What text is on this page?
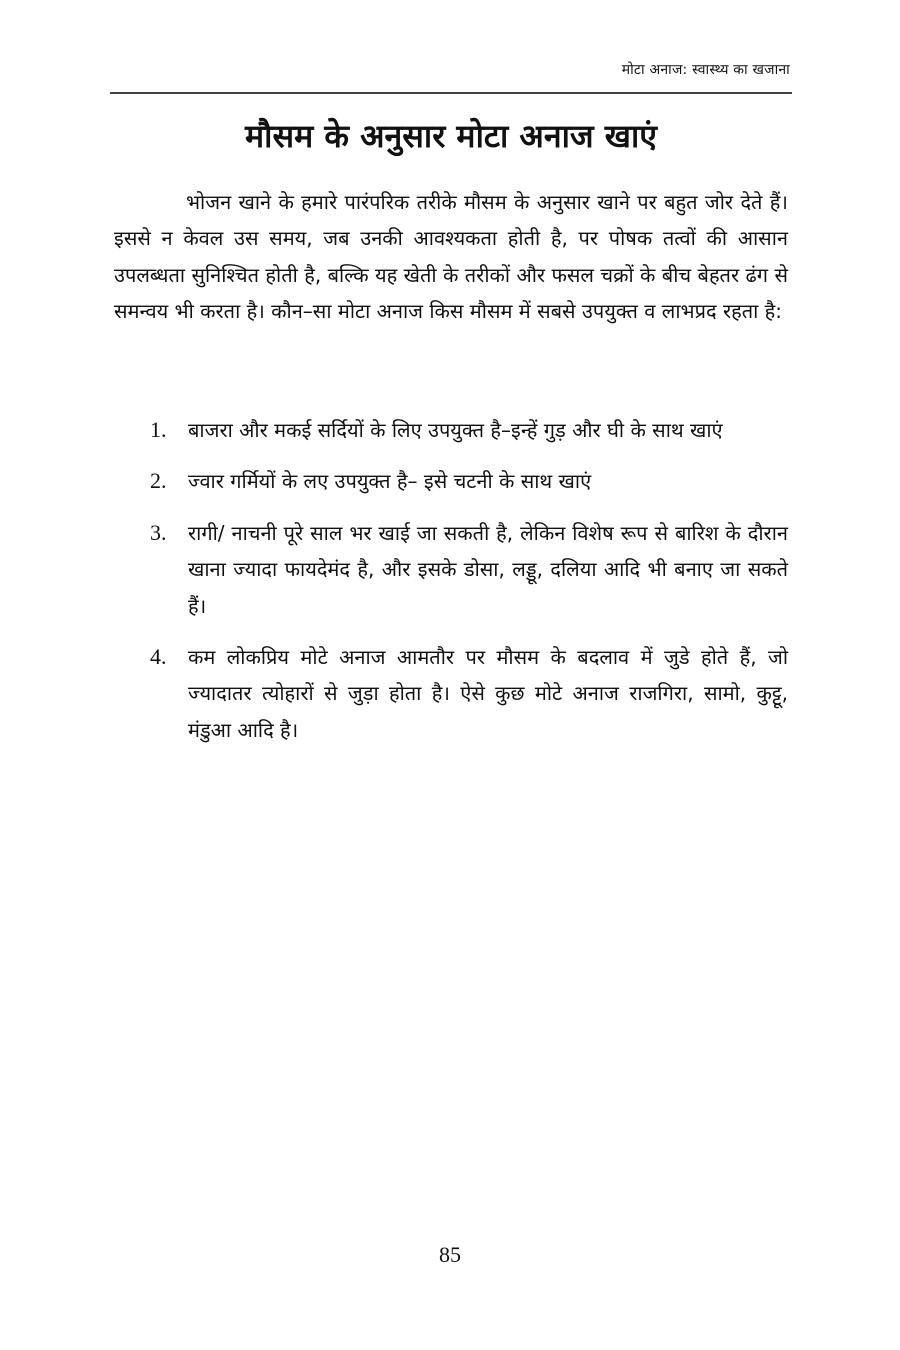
मोटा अनाज: स्वास्थ्य का खजाना
मौसम के अनुसार मोटा अनाज खाएं

भोजन खाने के हमारे पारंपरिक तरीके मौसम के अनुसार खाने पर बहुत जोर देते हैं। इससे न केवल उस समय, जब उनकी आवश्यकता होती है, पर पोषक तत्वों की आसान उपलब्धता सुनिश्चित होती है, बल्कि यह खेती के तरीकों और फसल चक्रों के बीच बेहतर ढंग से समन्वय भी करता है। कौन–सा मोटा अनाज किस मौसम में सबसे उपयुक्त व लाभप्रद रहता है:

1. बाजरा और मकई सर्दियों के लिए उपयुक्त है–इन्हें गुड़ और घी के साथ खाएं
2. ज्वार गर्मियों के लए उपयुक्त है– इसे चटनी के साथ खाएं
3. रागी/ नाचनी पूरे साल भर खाई जा सकती है, लेकिन विशेष रूप से बारिश के दौरान खाना ज्यादा फायदेमंद है, और इसके डोसा, लड्डू, दलिया आदि भी बनाए जा सकते हैं।
4. कम लोकप्रिय मोटे अनाज आमतौर पर मौसम के बदलाव में जुडे होते हैं, जो ज्यादातर त्योहारों से जुड़ा होता है। ऐसे कुछ मोटे अनाज राजगिरा, सामो, कुट्टू, मंडुआ आदि है।
85
